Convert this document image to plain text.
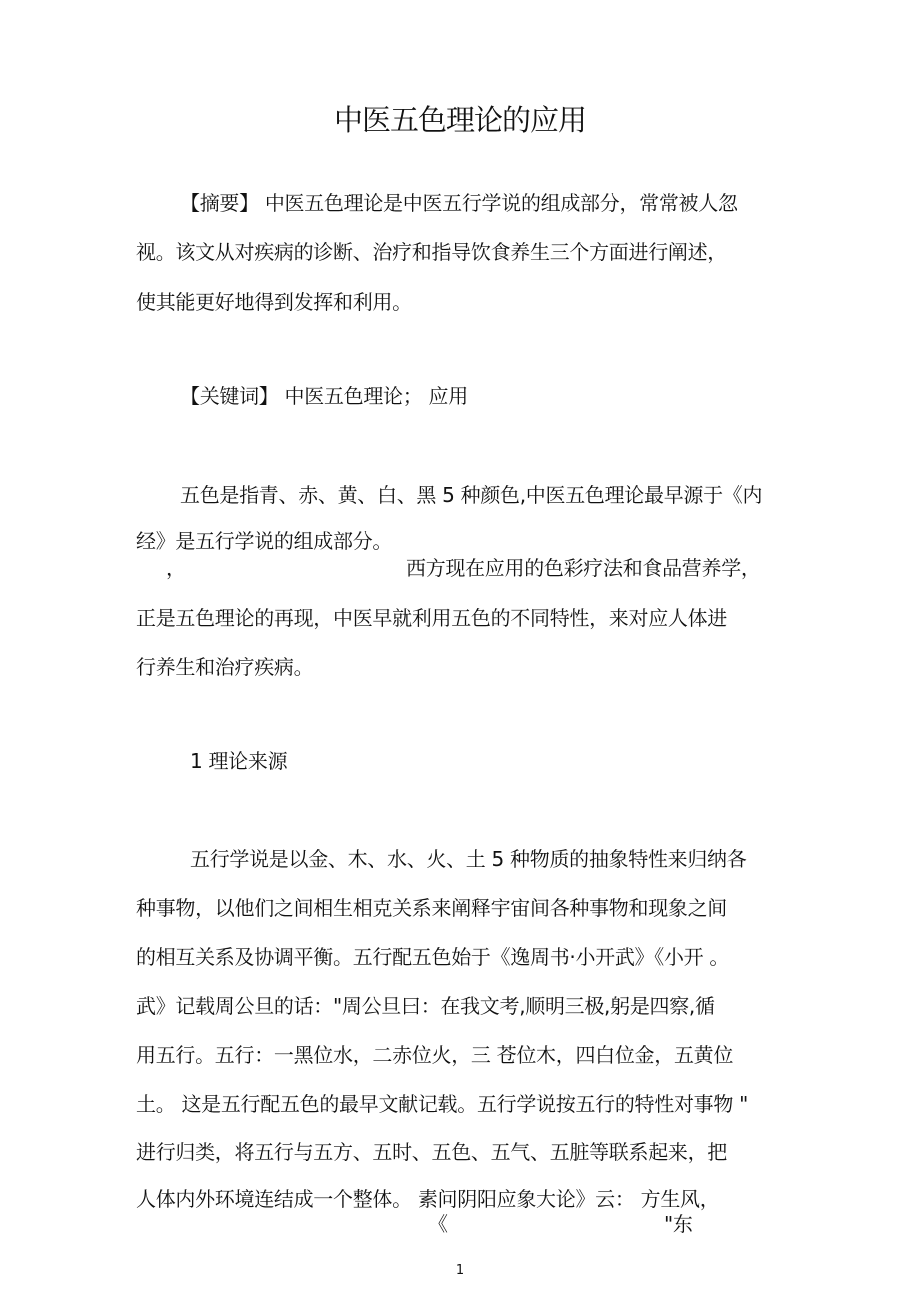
中医五色理论的应用
【摘要】 中医五色理论是中医五行学说的组成部分，常常被人忽
视。该文从对疾病的诊断、治疗和指导饮食养生三个方面进行阐述，
使其能更好地得到发挥和利用。
【关键词】 中医五色理论； 应用
五色是指青、赤、黄、白、黑 5 种颜色,中医五色理论最早源于《内
经》是五行学说的组成部分。
，	西方现在应用的色彩疗法和食品营养学，
正是五色理论的再现，中医早就利用五色的不同特性，来对应人体进
行养生和治疗疾病。
1 理论来源
五行学说是以金、木、水、火、土 5 种物质的抽象特性来归纳各
种事物，以他们之间相生相克关系来阐释宇宙间各种事物和现象之间
的相互关系及协调平衡。五行配五色始于《逸周书·小开武》《小开 。
武》记载周公旦的话："周公旦曰：在我文考,顺明三极,躬是四察,循
用五行。五行：一黑位水，二赤位火，三 苍位木，四白位金，五黄位
土。 这是五行配五色的最早文献记载。五行学说按五行的特性对事物 "
进行归类，将五行与五方、五时、五色、五气、五脏等联系起来，把
人体内外环境连结成一个整体。 素问阴阳应象大论》云： 方生风，
《	"东
1
